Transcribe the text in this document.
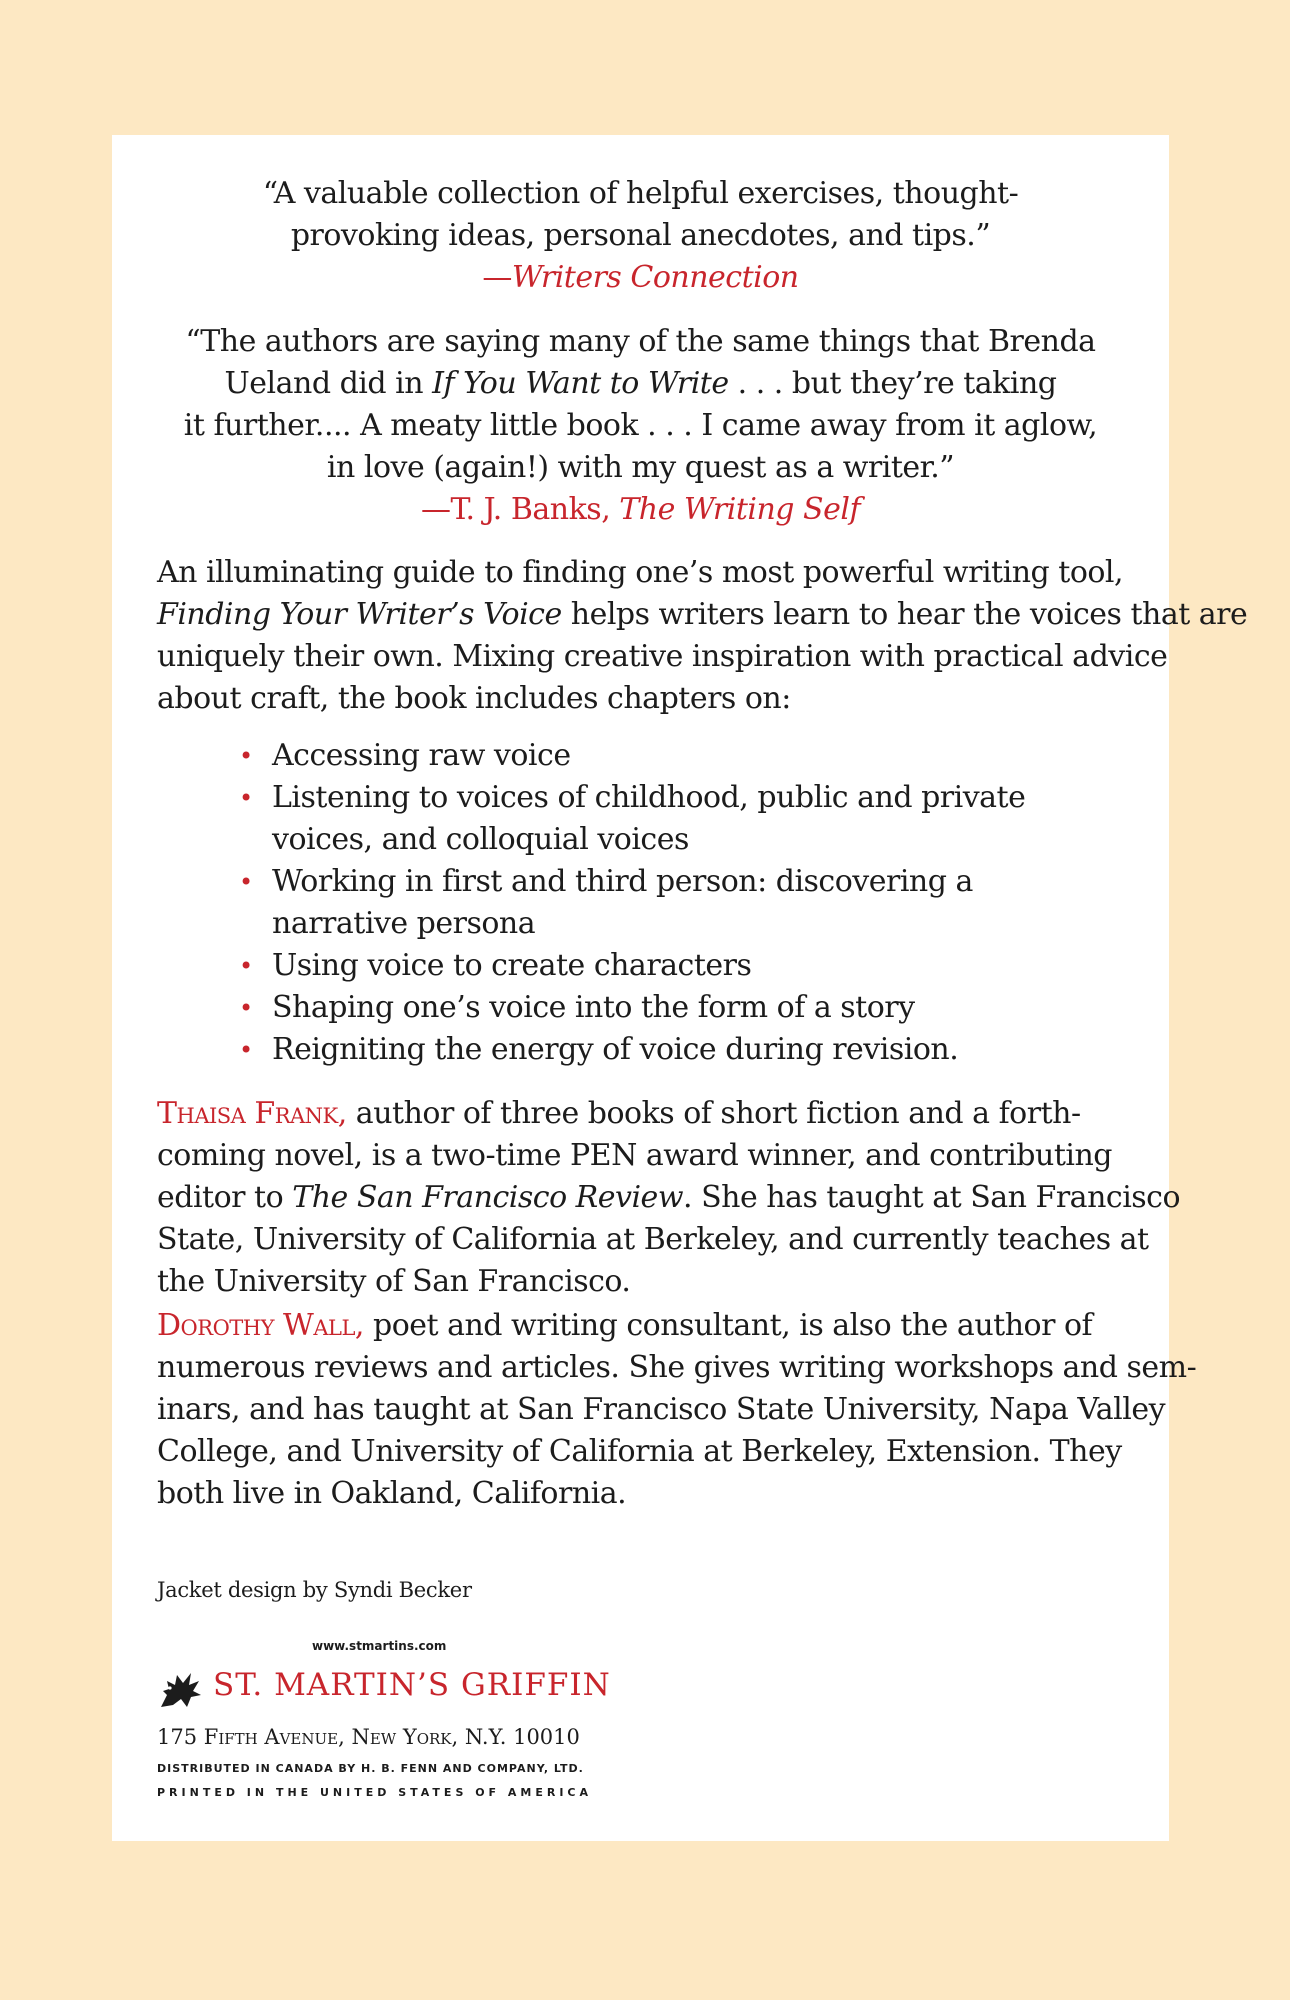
“A valuable collection of helpful exercises, thought-
provoking ideas, personal anecdotes, and tips.”
—Writers Connection
“The authors are saying many of the same things that Brenda
Ueland did in If You Want to Write . . . but they’re taking
it further.... A meaty little book . . . I came away from it aglow,
in love (again!) with my quest as a writer.”
—T. J. Banks, The Writing Self
An illuminating guide to finding one’s most powerful writing tool,
Finding Your Writer’s Voice helps writers learn to hear the voices that are
uniquely their own. Mixing creative inspiration with practical advice
about craft, the book includes chapters on:
• Accessing raw voice
• Listening to voices of childhood, public and private
voices, and colloquial voices
• Working in first and third person: discovering a
narrative persona
• Using voice to create characters
• Shaping one’s voice into the form of a story
• Reigniting the energy of voice during revision.
Thaisa Frank, author of three books of short fiction and a forth-
coming novel, is a two-time PEN award winner, and contributing
editor to The San Francisco Review. She has taught at San Francisco
State, University of California at Berkeley, and currently teaches at
the University of San Francisco.
Dorothy Wall, poet and writing consultant, is also the author of
numerous reviews and articles. She gives writing workshops and sem-
inars, and has taught at San Francisco State University, Napa Valley
College, and University of California at Berkeley, Extension. They
both live in Oakland, California.
Jacket design by Syndi Becker
www.stmartins.com
ST. MARTIN’S GRIFFIN
175 Fifth Avenue, New York, N.Y. 10010
DISTRIBUTED IN CANADA BY H. B. FENN AND COMPANY, LTD.
PRINTED IN THE UNITED STATES OF AMERICA
